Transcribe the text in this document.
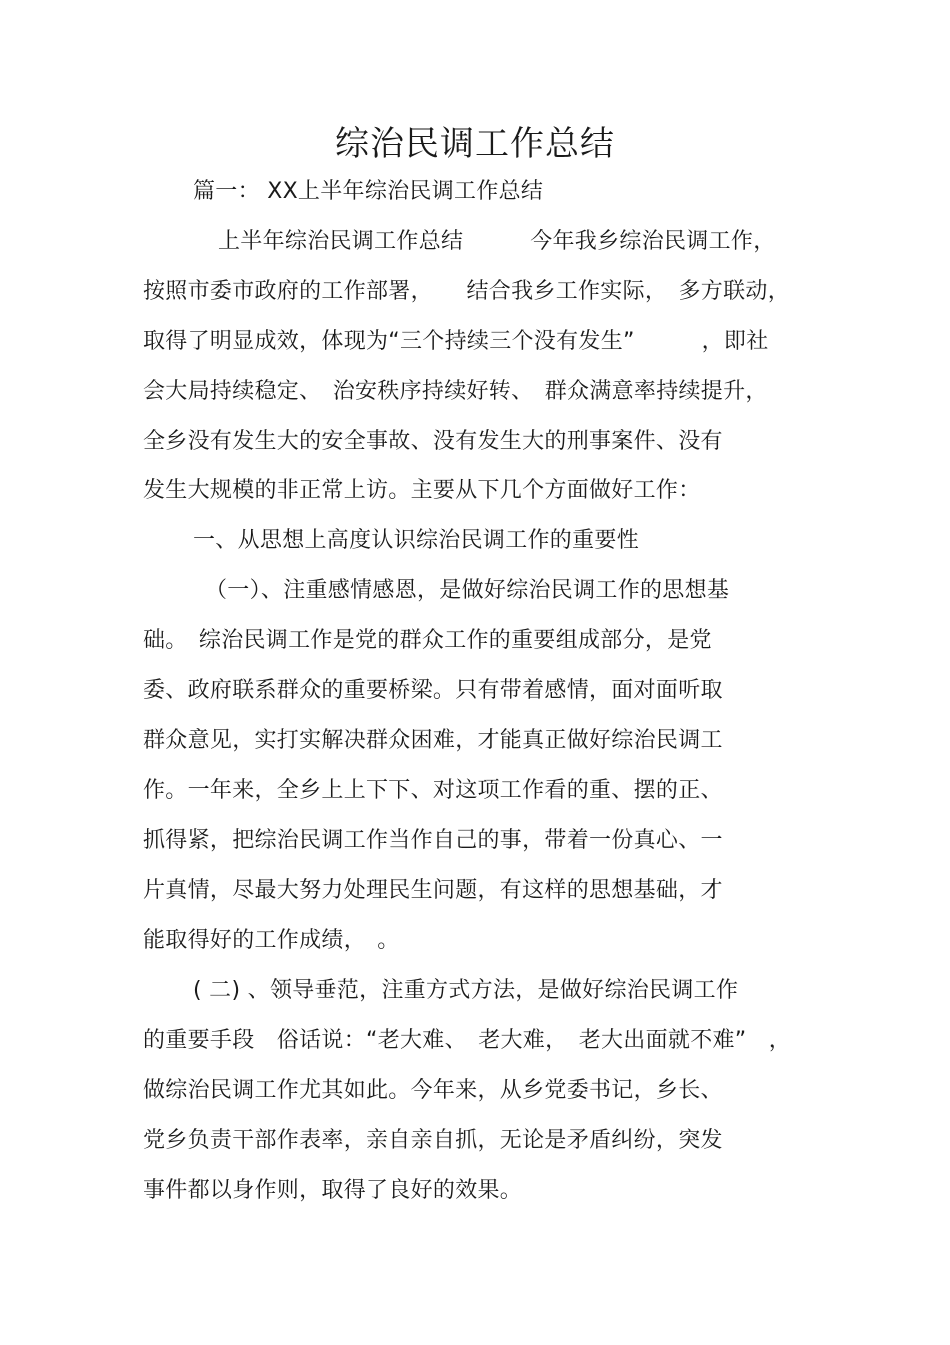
综治民调工作总结
篇一： XX上半年综治民调工作总结
上半年综治民调工作总结　　　今年我乡综治民调工作，
按照市委市政府的工作部署，　　结合我乡工作实际，　多方联动，
取得了明显成效，体现为“三个持续三个没有发生”　　　，即社
会大局持续稳定、　治安秩序持续好转、　群众满意率持续提升，
全乡没有发生大的安全事故、没有发生大的刑事案件、没有
发生大规模的非正常上访。主要从下几个方面做好工作：
一、从思想上高度认识综治民调工作的重要性
（一）、注重感情感恩，是做好综治民调工作的思想基
础。　综治民调工作是党的群众工作的重要组成部分，是党
委、政府联系群众的重要桥梁。只有带着感情，面对面听取
群众意见，实打实解决群众困难，才能真正做好综治民调工
作。一年来，全乡上上下下、对这项工作看的重、摆的正、
抓得紧，把综治民调工作当作自己的事，带着一份真心、一
片真情，尽最大努力处理民生问题，有这样的思想基础，才
能取得好的工作成绩，　。
( 二) 、领导垂范，注重方式方法，是做好综治民调工作
的重要手段　俗话说：“老大难、　老大难，　老大出面就不难”　，
做综治民调工作尤其如此。今年来，从乡党委书记，乡长、
党乡负责干部作表率，亲自亲自抓，无论是矛盾纠纷，突发
事件都以身作则，取得了良好的效果。
